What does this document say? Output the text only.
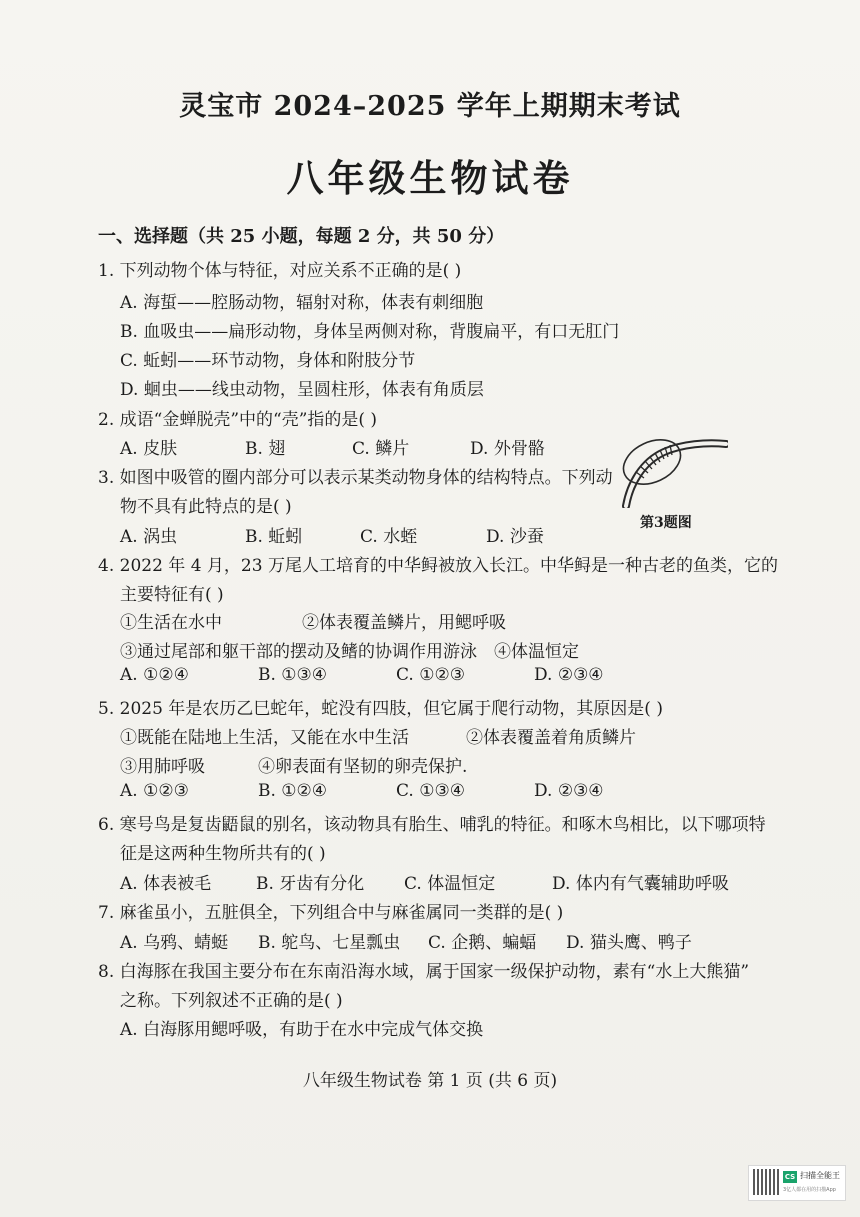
灵宝市 2024–2025 学年上期期末考试
八年级生物试卷
一、选择题（共 25 小题，每题 2 分，共 50 分）
1. 下列动物个体与特征，对应关系不正确的是( )
A. 海蜇——腔肠动物，辐射对称，体表有刺细胞
B. 血吸虫——扁形动物，身体呈两侧对称，背腹扁平，有口无肛门
C. 蚯蚓——环节动物，身体和附肢分节
D. 蛔虫——线虫动物，呈圆柱形，体表有角质层
2. 成语“金蝉脱壳”中的“壳”指的是( )
A. 皮肤	B. 翅	C. 鳞片	D. 外骨骼
3. 如图中吸管的圈内部分可以表示某类动物身体的结构特点。下列动
物不具有此特点的是( )
A. 涡虫	B. 蚯蚓	C. 水蛭	D. 沙蚕
第3题图
4. 2022 年 4 月，23 万尾人工培育的中华鲟被放入长江。中华鲟是一种古老的鱼类，它的
主要特征有( )
①生活在水中	②体表覆盖鳞片，用鳃呼吸
③通过尾部和躯干部的摆动及鳍的协调作用游泳 ④体温恒定
A. ①②④	B. ①③④	C. ①②③	D. ②③④
5. 2025 年是农历乙巳蛇年，蛇没有四肢，但它属于爬行动物，其原因是( )
①既能在陆地上生活，又能在水中生活	②体表覆盖着角质鳞片
③用肺呼吸	④卵表面有坚韧的卵壳保护.
A. ①②③	B. ①②④	C. ①③④	D. ②③④
6. 寒号鸟是复齿鼯鼠的别名，该动物具有胎生、哺乳的特征。和啄木鸟相比，以下哪项特
征是这两种生物所共有的( )
A. 体表被毛	B. 牙齿有分化 C. 体温恒定	D. 体内有气囊辅助呼吸
7. 麻雀虽小，五脏俱全，下列组合中与麻雀属同一类群的是( )
A. 乌鸦、蜻蜓 B. 鸵鸟、七星瓢虫 C. 企鹅、蝙蝠 D. 猫头鹰、鸭子
8. 白海豚在我国主要分布在东南沿海水域，属于国家一级保护动物，素有“水上大熊猫”
之称。下列叙述不正确的是( )
A. 白海豚用鳃呼吸，有助于在水中完成气体交换
八年级生物试卷 第 1 页 (共 6 页)
CS 扫描全能王
3亿人都在用的扫描App
